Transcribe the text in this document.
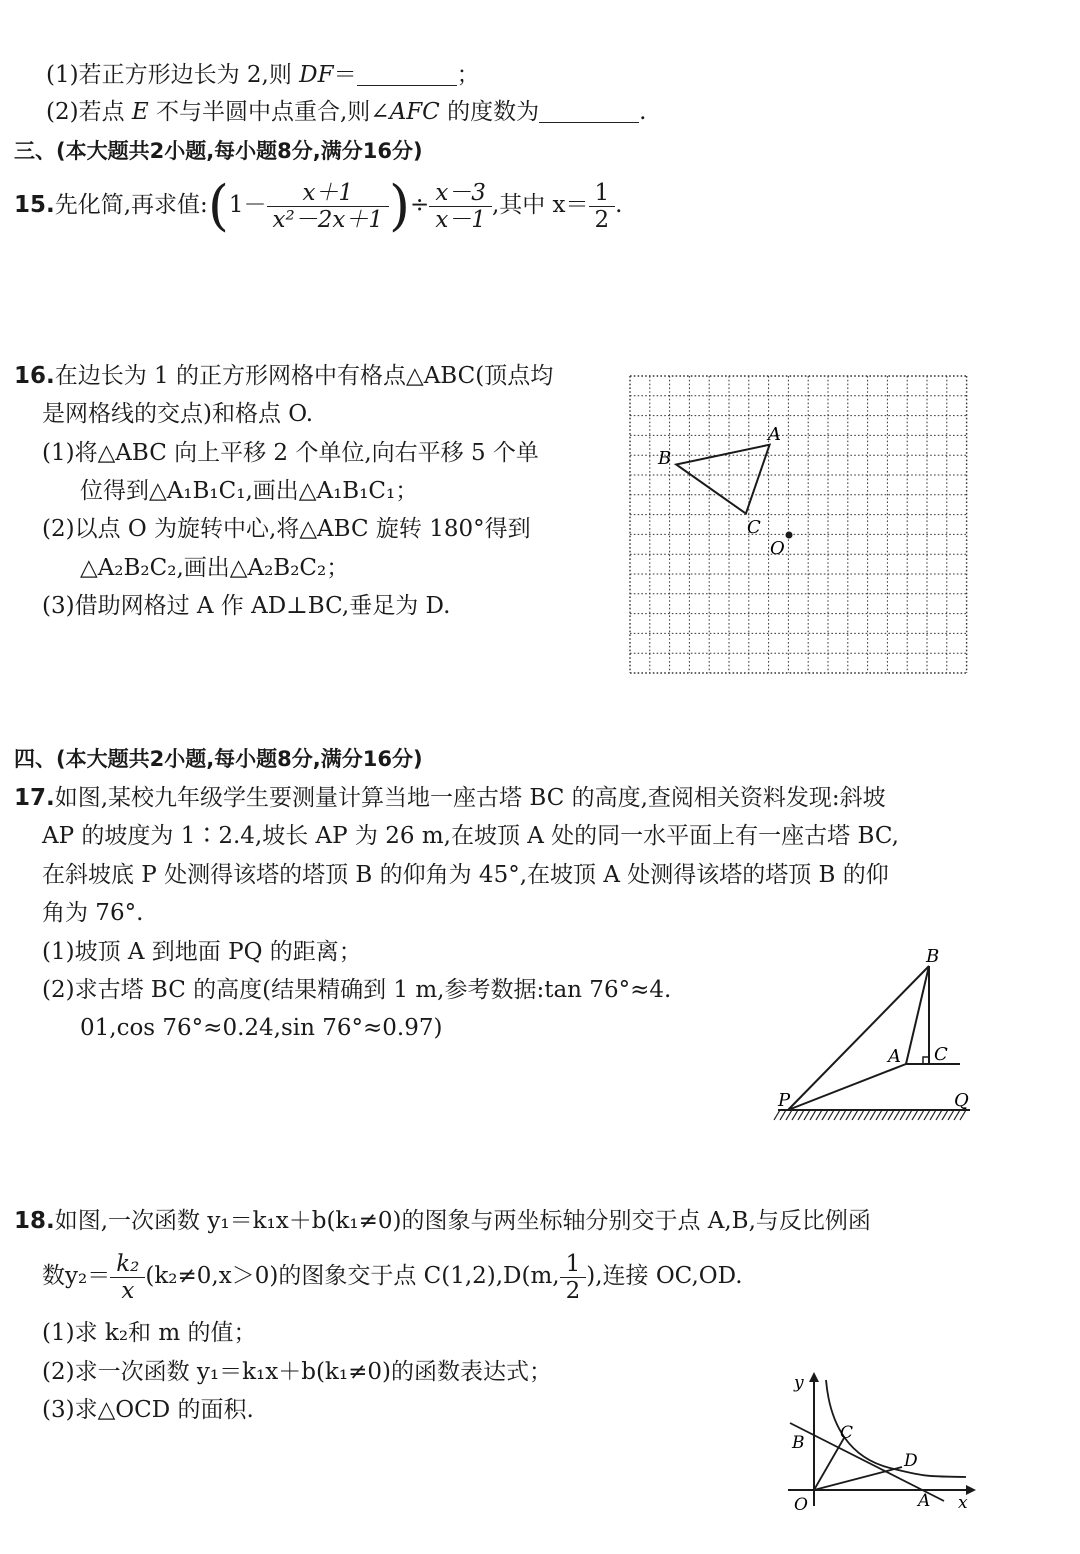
(1)若正方形边长为 2,则 DF＝	；
(2)若点 E 不与半圆中点重合,则∠AFC 的度数为	.
三、(本大题共2小题,每小题8分,满分16分)
15.先化简,再求值:(1－ $\frac{x+1}{\text{x²－2x＋1}}$ )÷ $\frac{x-3}{x-1}$ ,其中 $x= \frac{1}{2}$ .
16.在边长为 1 的正方形网格中有格点△ABC(顶点均
是网格线的交点)和格点 O.
(1)将△ABC 向上平移 2 个单位,向右平移 5 个单
位得到△A₁B₁C₁,画出△A₁B₁C₁；
(2)以点 O 为旋转中心,将△ABC 旋转 180°得到
△A₂B₂C₂,画出△A₂B₂C₂；
(3)借助网格过 A 作 AD⊥BC,垂足为 D.
A
B
C
O
四、(本大题共2小题,每小题8分,满分16分)
17.如图,某校九年级学生要测量计算当地一座古塔 BC 的高度,查阅相关资料发现:斜坡
AP 的坡度为 1∶2.4,坡长 AP 为 26 m,在坡顶 A 处的同一水平面上有一座古塔 BC,
在斜坡底 P 处测得该塔的塔顶 B 的仰角为 45°,在坡顶 A 处测得该塔的塔顶 B 的仰
角为 76°.
(1)坡顶 A 到地面 PQ 的距离；
(2)求古塔 BC 的高度(结果精确到 1 m,参考数据:tan 76°≈4.
01,cos 76°≈0.24,sin 76°≈0.97)
B
A C
P	Q
18.如图,一次函数 y₁＝k₁x＋b(k₁≠0)的图象与两坐标轴分别交于点 A,B,与反比例函
数$y_2= \frac{\text{k₂}}{x} (k_2\ne 0,x>0)$的图象交于点 C(1,2),D(m, $\frac{1}{2}$ ),连接 OC,OD.
(1)求 k₂和 m 的值；
(2)求一次函数 y₁＝k₁x＋b(k₁≠0)的函数表达式；
(3)求△OCD 的面积.
y
x
O	A
B C
D
